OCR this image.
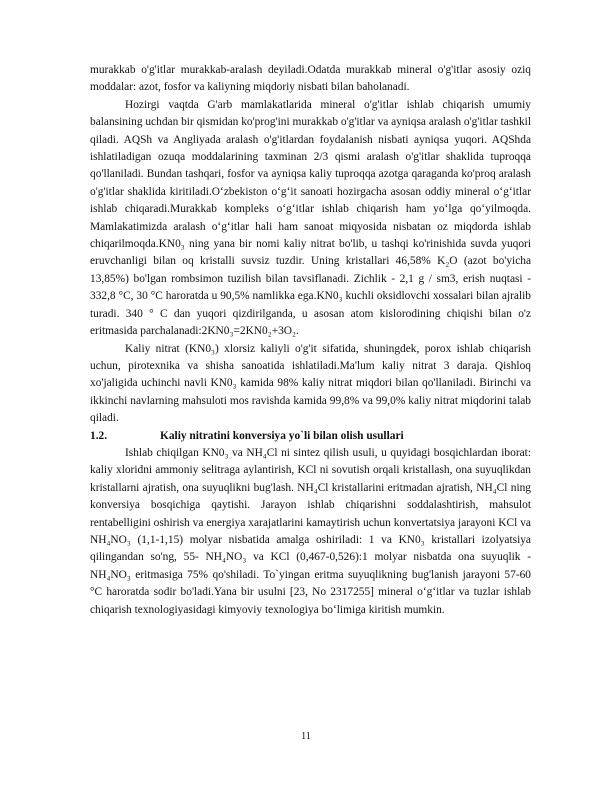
murakkab o'g'itlar murakkab-aralash deyiladi.Odatda murakkab mineral o'g'itlar asosiy oziq moddalar: azot, fosfor va kaliyning miqdoriy nisbati bilan baholanadi.

Hozirgi vaqtda G'arb mamlakatlarida mineral o'g'itlar ishlab chiqarish umumiy balansining uchdan bir qismidan ko'prog'ini murakkab o'g'itlar va ayniqsa aralash o'g'itlar tashkil qiladi. AQSh va Angliyada aralash o'g'itlardan foydalanish nisbati ayniqsa yuqori. AQShda ishlatiladigan ozuqa moddalarining taxminan 2/3 qismi aralash o'g'itlar shaklida tuproqqa qo'llaniladi. Bundan tashqari, fosfor va ayniqsa kaliy tuproqqa azotga qaraganda ko'proq aralash o'g'itlar shaklida kiritiladi.O‘zbekiston o‘g‘it sanoati hozirgacha asosan oddiy mineral o‘g‘itlar ishlab chiqaradi.Murakkab kompleks o‘g‘itlar ishlab chiqarish ham yo‘lga qo‘yilmoqda. Mamlakatimizda aralash o‘g‘itlar hali ham sanoat miqyosida nisbatan oz miqdorda ishlab chiqarilmoqda.KN0₃ ning yana bir nomi kaliy nitrat bo'lib, u tashqi ko'rinishida suvda yuqori eruvchanligi bilan oq kristalli suvsiz tuzdir. Uning kristallari 46,58% K₂O (azot bo'yicha 13,85%) bo'lgan rombsimon tuzilish bilan tavsiflanadi. Zichlik - 2,1 g / sm3, erish nuqtasi - 332,8 °C, 30 °C haroratda u 90,5% namlikka ega.KN0₃ kuchli oksidlovchi xossalari bilan ajralib turadi. 340 ° C dan yuqori qizdirilganda, u asosan atom kislorodining chiqishi bilan o'z eritmasida parchalanadi:2KN0₃=2KN0₂+3O₂.

Kaliy nitrat (KN0₃) xlorsiz kaliyli o'g'it sifatida, shuningdek, porox ishlab chiqarish uchun, pirotexnika va shisha sanoatida ishlatiladi.Ma'lum kaliy nitrat 3 daraja. Qishloq xo'jaligida uchinchi navli KN0₃ kamida 98% kaliy nitrat miqdori bilan qo'llaniladi. Birinchi va ikkinchi navlarning mahsuloti mos ravishda kamida 99,8% va 99,0% kaliy nitrat miqdorini talab qiladi.

1.2.	Kaliy nitratini konversiya yo`li bilan olish usullari

Ishlab chiqilgan KN0₃ va NH₄Cl ni sintez qilish usuli, u quyidagi bosqichlardan iborat: kaliy xloridni ammoniy selitraga aylantirish, KCl ni sovutish orqali kristallash, ona suyuqlikdan kristallarni ajratish, ona suyuqlikni bug'lash. NH₄Cl kristallarini eritmadan ajratish, NH₄Cl ning konversiya bosqichiga qaytishi. Jarayon ishlab chiqarishni soddalashtirish, mahsulot rentabelligini oshirish va energiya xarajatlarini kamaytirish uchun konvertatsiya jarayoni KCl va NH₄NO₃ (1,1-1,15) molyar nisbatida amalga oshiriladi: 1 va KN0₃ kristallari izolyatsiya qilingandan so'ng, 55- NH₄NO₃ va KCl (0,467-0,526):1 molyar nisbatda ona suyuqlik - NH₄NO₃ eritmasiga 75% qo'shiladi. To`yingan eritma suyuqlikning bug'lanish jarayoni 57-60 °C haroratda sodir bo'ladi.Yana bir usulni [23, No 2317255] mineral o‘g‘itlar va tuzlar ishlab chiqarish texnologiyasidagi kimyoviy texnologiya bo‘limiga kiritish mumkin.

11
